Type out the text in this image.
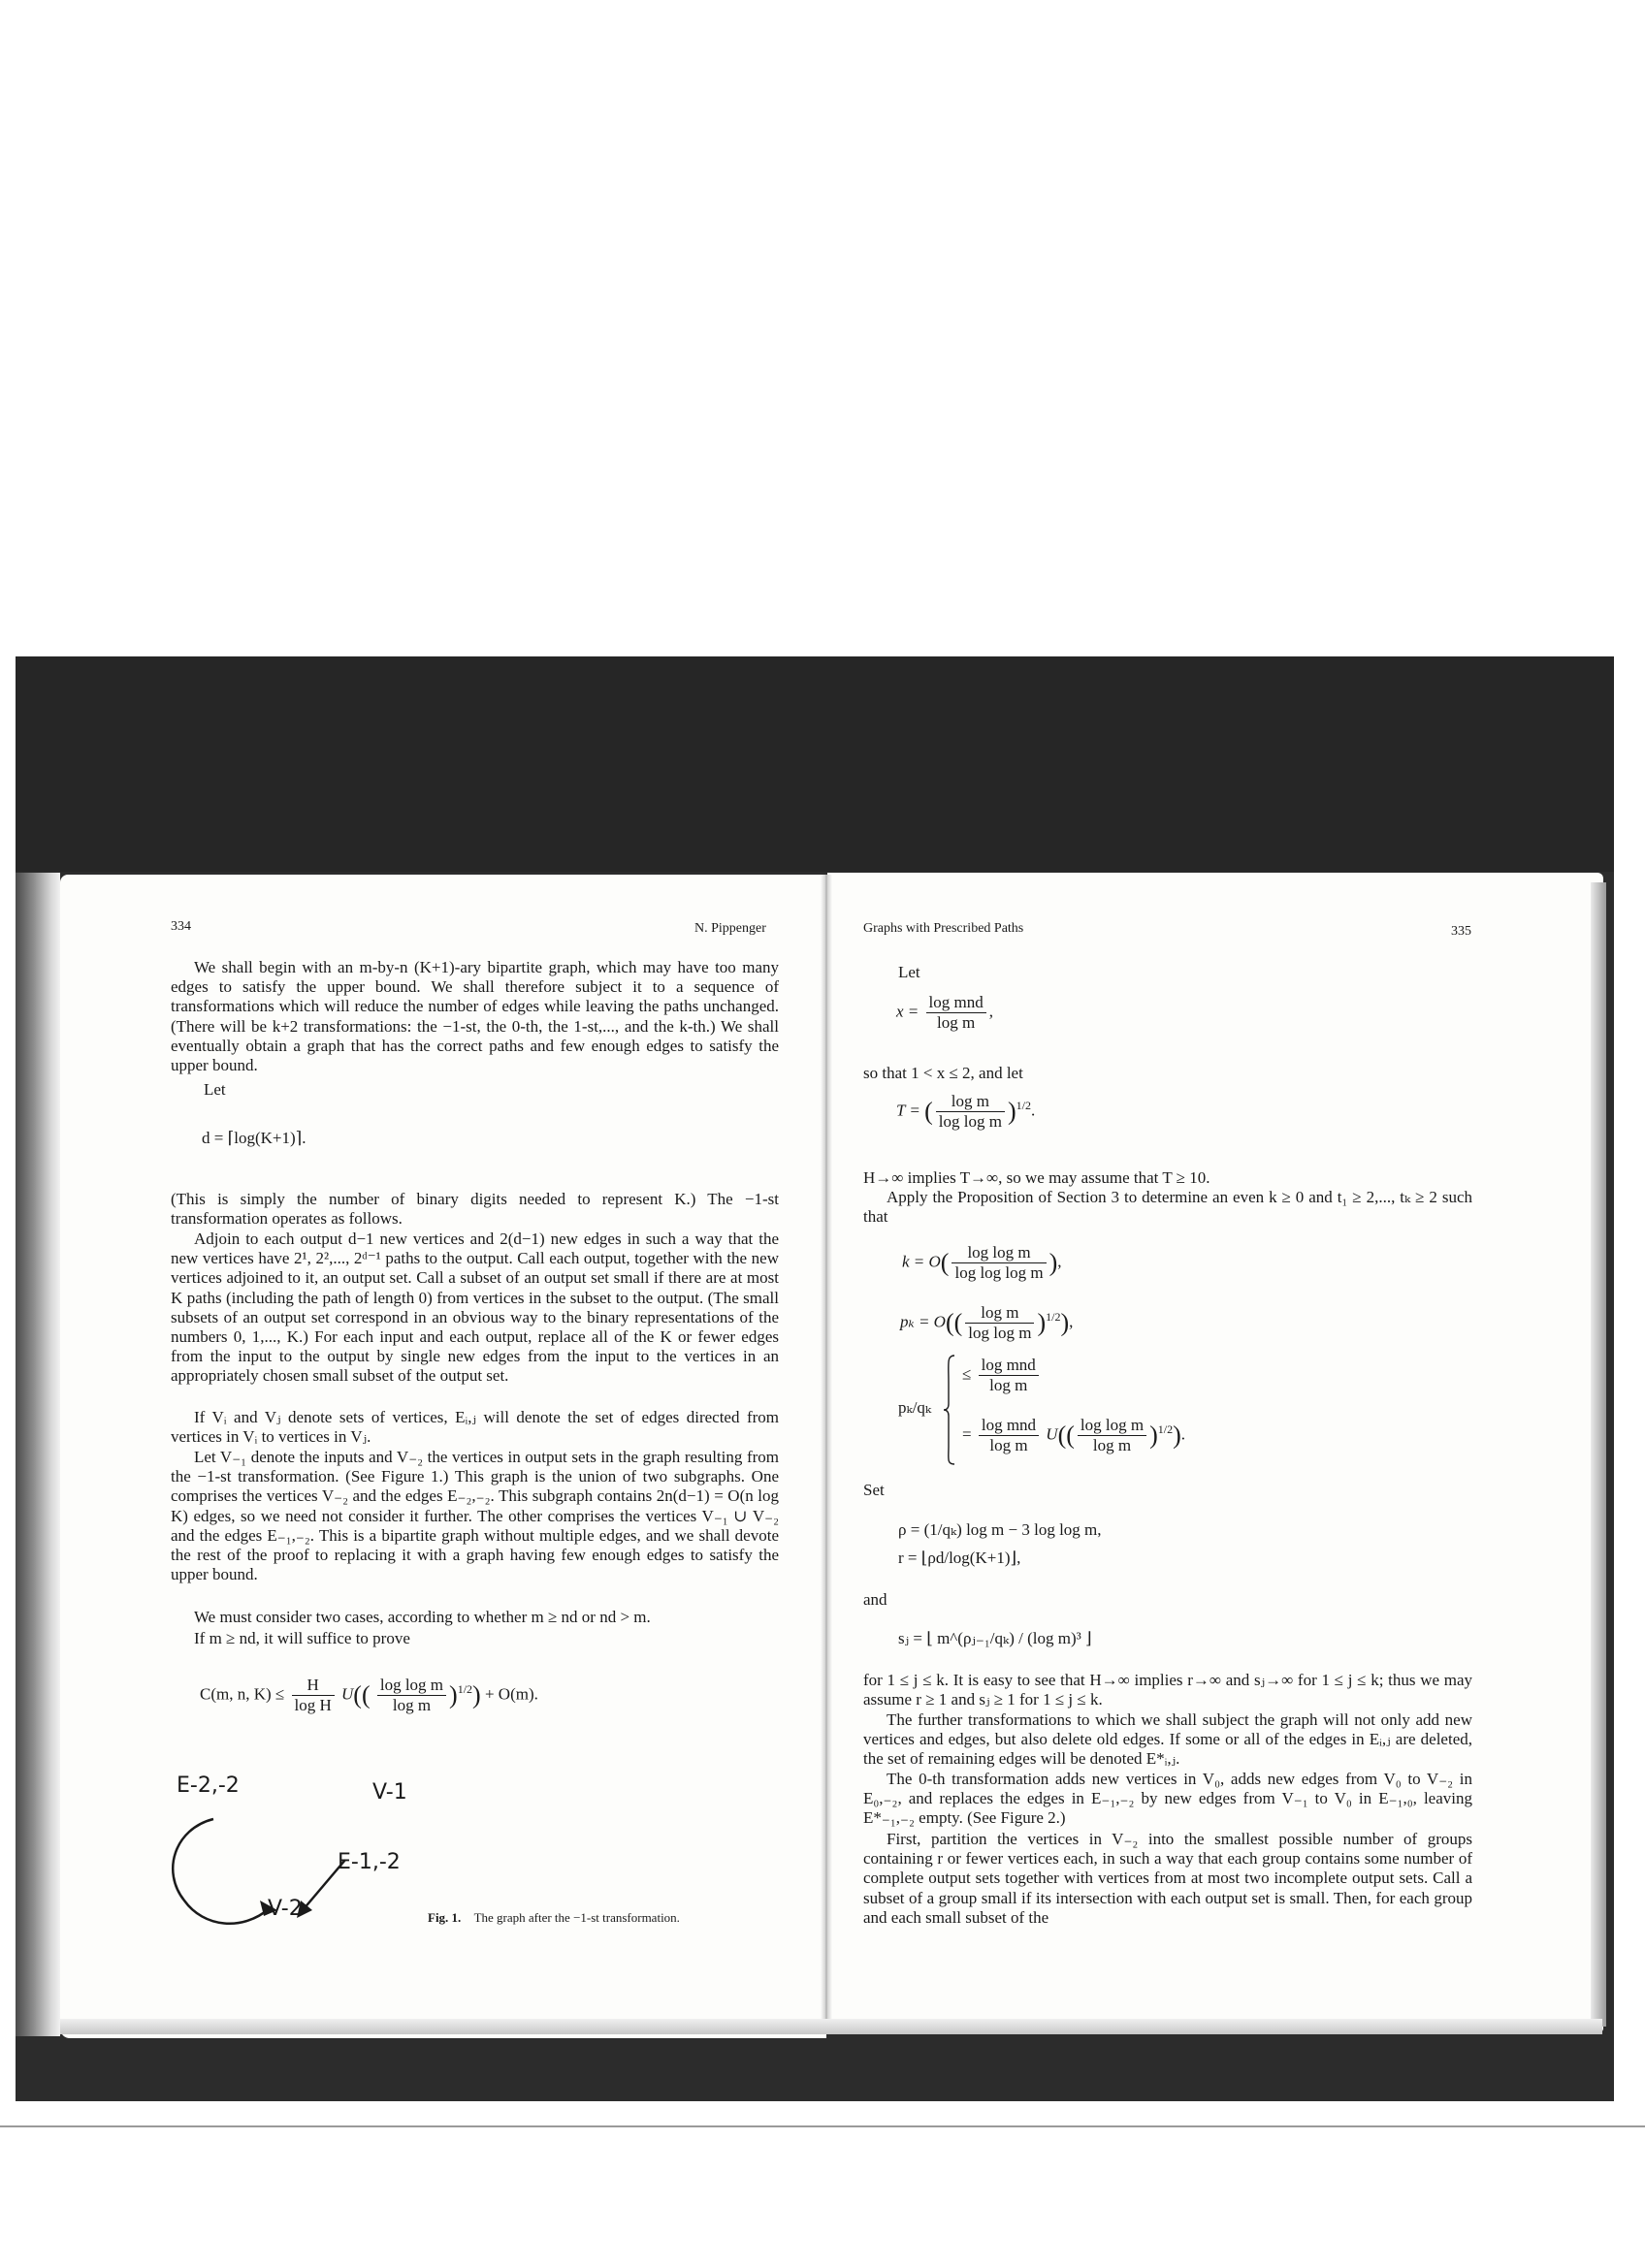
334	N. Pippenger
We shall begin with an m-by-n (K+1)-ary bipartite graph, which may have too many edges to satisfy the upper bound. We shall therefore subject it to a sequence of transformations which will reduce the number of edges while leaving the paths unchanged. (There will be k+2 transformations: the −1-st, the 0-th, the 1-st,..., and the k-th.) We shall eventually obtain a graph that has the correct paths and few enough edges to satisfy the upper bound.
Let
d = ⌈log(K+1)⌉.
(This is simply the number of binary digits needed to represent K.) The −1-st transformation operates as follows.
Adjoin to each output d−1 new vertices and 2(d−1) new edges in such a way that the new vertices have 2¹, 2²,..., 2ᵈ⁻¹ paths to the output. Call each output, together with the new vertices adjoined to it, an output set. Call a subset of an output set small if there are at most K paths (including the path of length 0) from vertices in the subset to the output. (The small subsets of an output set correspond in an obvious way to the binary representations of the numbers 0, 1,..., K.) For each input and each output, replace all of the K or fewer edges from the input to the output by single new edges from the input to the vertices in an appropriately chosen small subset of the output set.
If Vᵢ and Vⱼ denote sets of vertices, Eᵢ,ⱼ will denote the set of edges directed from vertices in Vᵢ to vertices in Vⱼ.
Let V₋₁ denote the inputs and V₋₂ the vertices in output sets in the graph resulting from the −1-st transformation. (See Figure 1.) This graph is the union of two subgraphs. One comprises the vertices V₋₂ and the edges E₋₂,₋₂. This subgraph contains 2n(d−1) = O(n log K) edges, so we need not consider it further. The other comprises the vertices V₋₁ ∪ V₋₂ and the edges E₋₁,₋₂. This is a bipartite graph without multiple edges, and we shall devote the rest of the proof to replacing it with a graph having few enough edges to satisfy the upper bound.
We must consider two cases, according to whether m ≥ nd or nd > m.
If m ≥ nd, it will suffice to prove
C(m, n, $K) \le \frac{H}{\text{log H}} U(( \frac{\text{log log m}}{\text{log m}} )^{1/2}) + O(m)$.
E-2,-2	V-1
E-1,-2
V-2	Fig. 1. The graph after the −1-st transformation.
Graphs with Prescribed Paths	335
Let
$x = \frac{\text{log mnd}}{\text{log m}}$ ,
so that 1 < x ≤ 2, and let
T = ( $\frac{\text{log m}}{\text{log log m}} )^{1/2}$.
H→∞ implies T→∞, so we may assume that T ≥ 10.
Apply the Proposition of Section 3 to determine an even k ≥ 0 and t₁ ≥ 2,..., tₖ ≥ 2 such that
$k = O( \frac{\text{log log m}}{\text{log log log m}}$ ),
$p_k = O(( \frac{\text{log m}}{\text{log log m}} )^{1/2})$,
pₖ/qₖ
≤ $\frac{\text{log mnd}}{\text{log m}}$
= $\frac{\text{log mnd}}{\text{log m}} U(( \frac{\text{log log m}}{\text{log m}} )^{1/2})$.
Set
ρ = (1/qₖ) log m − 3 log log m,
r = ⌊ρd/log(K+1)⌋,
and
sⱼ = ⌊ m^(ρⱼ₋₁/qₖ) / (log m)³ ⌋
for 1 ≤ j ≤ k. It is easy to see that H→∞ implies r→∞ and sⱼ→∞ for 1 ≤ j ≤ k; thus we may assume r ≥ 1 and sⱼ ≥ 1 for 1 ≤ j ≤ k.
The further transformations to which we shall subject the graph will not only add new vertices and edges, but also delete old edges. If some or all of the edges in Eᵢ,ⱼ are deleted, the set of remaining edges will be denoted E*ᵢ,ⱼ.
The 0-th transformation adds new vertices in V₀, adds new edges from V₀ to V₋₂ in E₀,₋₂, and replaces the edges in E₋₁,₋₂ by new edges from V₋₁ to V₀ in E₋₁,₀, leaving E*₋₁,₋₂ empty. (See Figure 2.)
First, partition the vertices in V₋₂ into the smallest possible number of groups containing r or fewer vertices each, in such a way that each group contains some number of complete output sets together with vertices from at most two incomplete output sets. Call a subset of a group small if its intersection with each output set is small. Then, for each group and each small subset of the
